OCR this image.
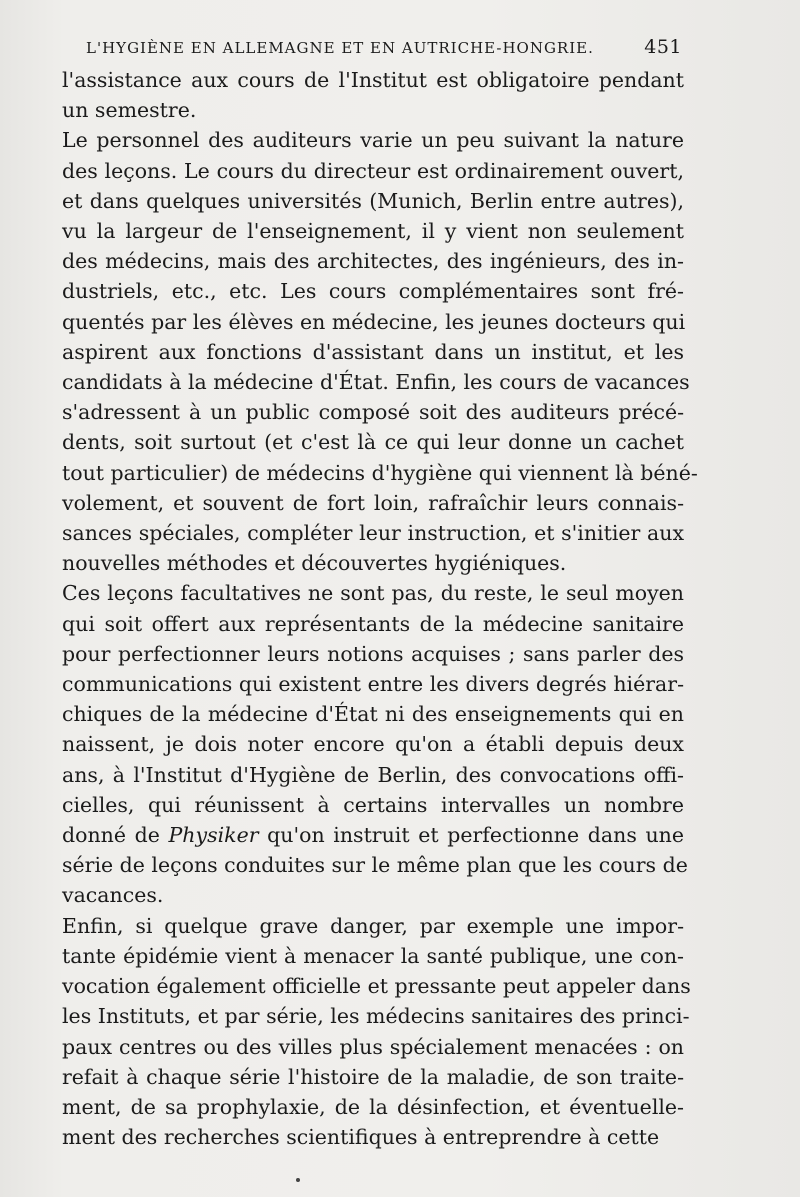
L'HYGIÈNE EN ALLEMAGNE ET EN AUTRICHE-HONGRIE.	451

l'assistance aux cours de l'Institut est obligatoire pendant
un semestre.

Le personnel des auditeurs varie un peu suivant la nature
des leçons. Le cours du directeur est ordinairement ouvert,
et dans quelques universités (Munich, Berlin entre autres),
vu la largeur de l'enseignement, il y vient non seulement
des médecins, mais des architectes, des ingénieurs, des in-
dustriels, etc., etc. Les cours complémentaires sont fré-
quentés par les élèves en médecine, les jeunes docteurs qui
aspirent aux fonctions d'assistant dans un institut, et les
candidats à la médecine d'État. Enfin, les cours de vacances
s'adressent à un public composé soit des auditeurs précé-
dents, soit surtout (et c'est là ce qui leur donne un cachet
tout particulier) de médecins d'hygiène qui viennent là béné-
volement, et souvent de fort loin, rafraîchir leurs connais-
sances spéciales, compléter leur instruction, et s'initier aux
nouvelles méthodes et découvertes hygiéniques.

Ces leçons facultatives ne sont pas, du reste, le seul moyen
qui soit offert aux représentants de la médecine sanitaire
pour perfectionner leurs notions acquises ; sans parler des
communications qui existent entre les divers degrés hiérar-
chiques de la médecine d'État ni des enseignements qui en
naissent, je dois noter encore qu'on a établi depuis deux
ans, à l'Institut d'Hygiène de Berlin, des convocations offi-
cielles, qui réunissent à certains intervalles un nombre
donné de Physiker qu'on instruit et perfectionne dans une
série de leçons conduites sur le même plan que les cours de
vacances.

Enfin, si quelque grave danger, par exemple une impor-
tante épidémie vient à menacer la santé publique, une con-
vocation également officielle et pressante peut appeler dans
les Instituts, et par série, les médecins sanitaires des princi-
paux centres ou des villes plus spécialement menacées : on
refait à chaque série l'histoire de la maladie, de son traite-
ment, de sa prophylaxie, de la désinfection, et éventuelle-
ment des recherches scientifiques à entreprendre à cette
